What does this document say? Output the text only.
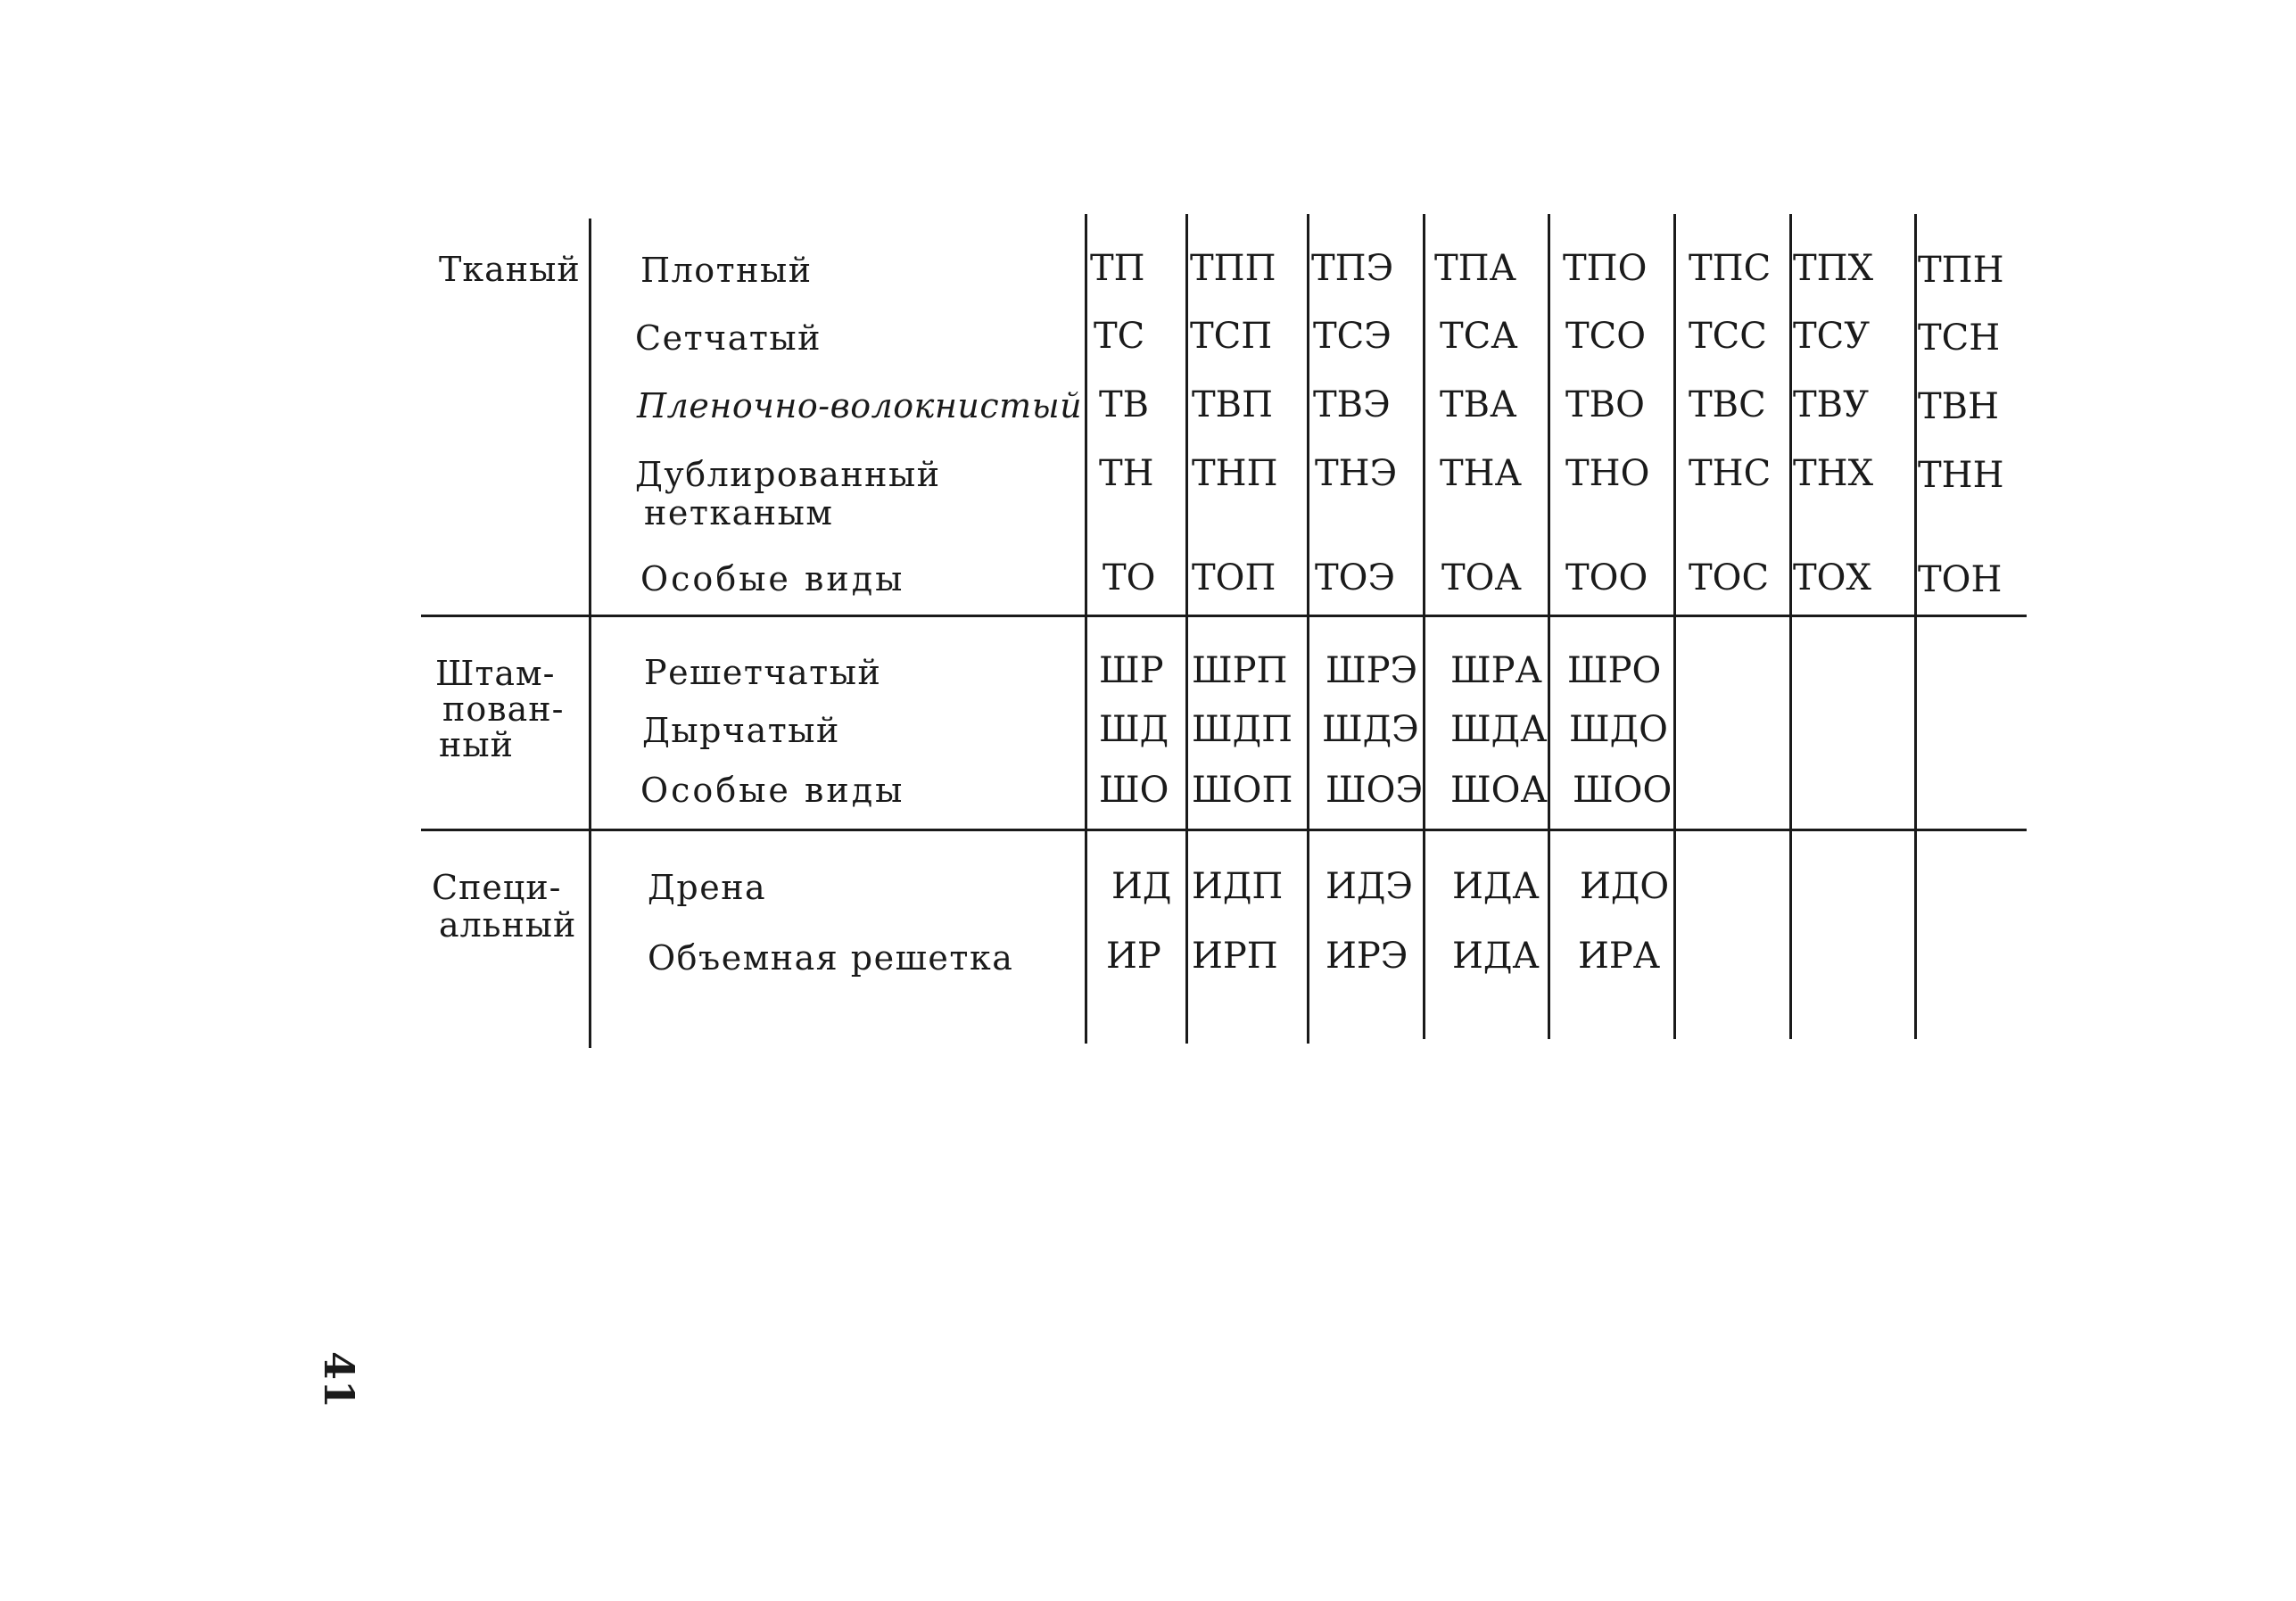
Тканый Плотный
Сетчатый
Пленочно-волокнистый
Дублированный
нетканым
Особые виды
ТП ТПП ТПЭ ТПА ТПО ТПС ТПХ ТПН
ТС ТСП ТСЭ ТСА ТСО ТСС ТСУ ТСН
ТВ ТВП ТВЭ ТВА ТВО ТВС ТВУ ТВН
ТН ТНП ТНЭ ТНА ТНО ТНС ТНХ ТНН
ТО ТОП ТОЭ ТОА ТОО ТОС ТОХ ТОН
Штам-
пован-
ный
Решетчатый
Дырчатый
Особые виды
ШР ШРП ШРЭ ШРА ШРО
ШД ШДП ШДЭ ШДА ШДО
ШО ШОП ШОЭ ШОА ШОО
Специ-
альный
Дрена
Объемная решетка
ИД ИДП ИДЭ ИДА ИДО
ИР ИРП ИРЭ ИДА ИРА
41
